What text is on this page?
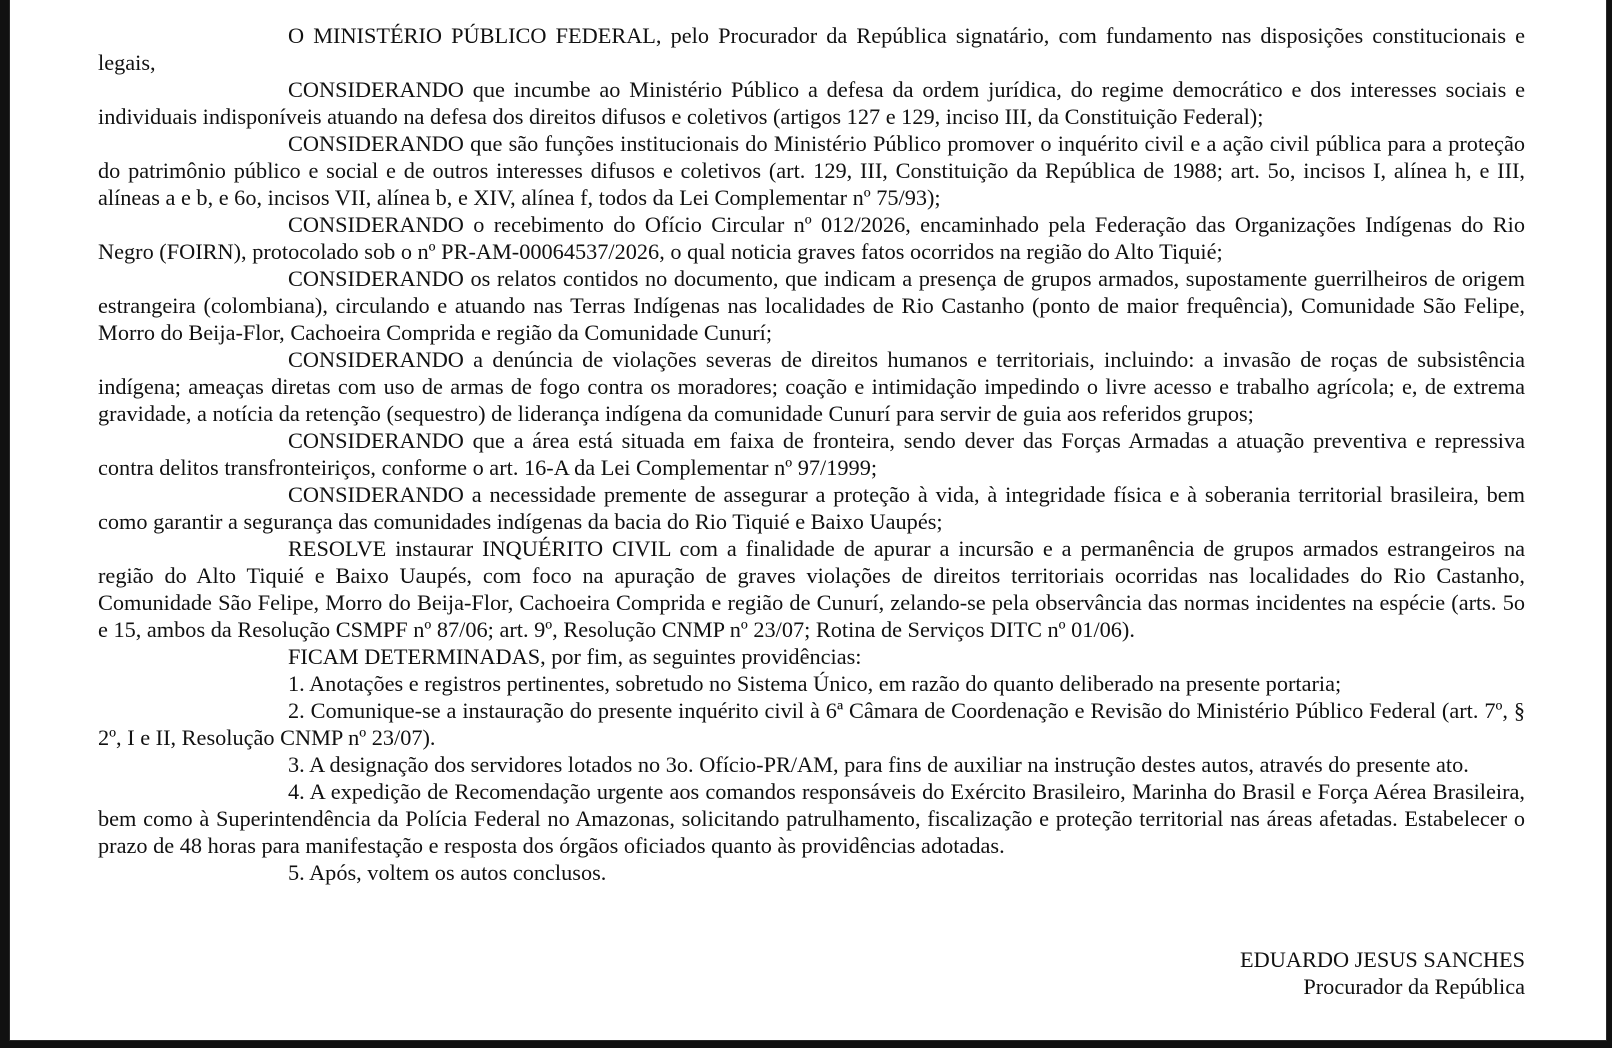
O MINISTÉRIO PÚBLICO FEDERAL, pelo Procurador da República signatário, com fundamento nas disposições constitucionais e legais,

CONSIDERANDO que incumbe ao Ministério Público a defesa da ordem jurídica, do regime democrático e dos interesses sociais e individuais indisponíveis atuando na defesa dos direitos difusos e coletivos (artigos 127 e 129, inciso III, da Constituição Federal);

CONSIDERANDO que são funções institucionais do Ministério Público promover o inquérito civil e a ação civil pública para a proteção do patrimônio público e social e de outros interesses difusos e coletivos (art. 129, III, Constituição da República de 1988; art. 5o, incisos I, alínea h, e III, alíneas a e b, e 6o, incisos VII, alínea b, e XIV, alínea f, todos da Lei Complementar nº 75/93);

CONSIDERANDO o recebimento do Ofício Circular nº 012/2026, encaminhado pela Federação das Organizações Indígenas do Rio Negro (FOIRN), protocolado sob o nº PR-AM-00064537/2026, o qual noticia graves fatos ocorridos na região do Alto Tiquié;

CONSIDERANDO os relatos contidos no documento, que indicam a presença de grupos armados, supostamente guerrilheiros de origem estrangeira (colombiana), circulando e atuando nas Terras Indígenas nas localidades de Rio Castanho (ponto de maior frequência), Comunidade São Felipe, Morro do Beija-Flor, Cachoeira Comprida e região da Comunidade Cunurí;

CONSIDERANDO a denúncia de violações severas de direitos humanos e territoriais, incluindo: a invasão de roças de subsistência indígena; ameaças diretas com uso de armas de fogo contra os moradores; coação e intimidação impedindo o livre acesso e trabalho agrícola; e, de extrema gravidade, a notícia da retenção (sequestro) de liderança indígena da comunidade Cunurí para servir de guia aos referidos grupos;

CONSIDERANDO que a área está situada em faixa de fronteira, sendo dever das Forças Armadas a atuação preventiva e repressiva contra delitos transfronteiriços, conforme o art. 16-A da Lei Complementar nº 97/1999;

CONSIDERANDO a necessidade premente de assegurar a proteção à vida, à integridade física e à soberania territorial brasileira, bem como garantir a segurança das comunidades indígenas da bacia do Rio Tiquié e Baixo Uaupés;

RESOLVE instaurar INQUÉRITO CIVIL com a finalidade de apurar a incursão e a permanência de grupos armados estrangeiros na região do Alto Tiquié e Baixo Uaupés, com foco na apuração de graves violações de direitos territoriais ocorridas nas localidades do Rio Castanho, Comunidade São Felipe, Morro do Beija-Flor, Cachoeira Comprida e região de Cunurí, zelando-se pela observância das normas incidentes na espécie (arts. 5o e 15, ambos da Resolução CSMPF nº 87/06; art. 9º, Resolução CNMP nº 23/07; Rotina de Serviços DITC nº 01/06).

FICAM DETERMINADAS, por fim, as seguintes providências:

1. Anotações e registros pertinentes, sobretudo no Sistema Único, em razão do quanto deliberado na presente portaria;

2. Comunique-se a instauração do presente inquérito civil à 6ª Câmara de Coordenação e Revisão do Ministério Público Federal (art. 7º, § 2º, I e II, Resolução CNMP nº 23/07).

3. A designação dos servidores lotados no 3o. Ofício-PR/AM, para fins de auxiliar na instrução destes autos, através do presente ato.

4. A expedição de Recomendação urgente aos comandos responsáveis do Exército Brasileiro, Marinha do Brasil e Força Aérea Brasileira, bem como à Superintendência da Polícia Federal no Amazonas, solicitando patrulhamento, fiscalização e proteção territorial nas áreas afetadas. Estabelecer o prazo de 48 horas para manifestação e resposta dos órgãos oficiados quanto às providências adotadas.

5. Após, voltem os autos conclusos.

EDUARDO JESUS SANCHES
Procurador da República
